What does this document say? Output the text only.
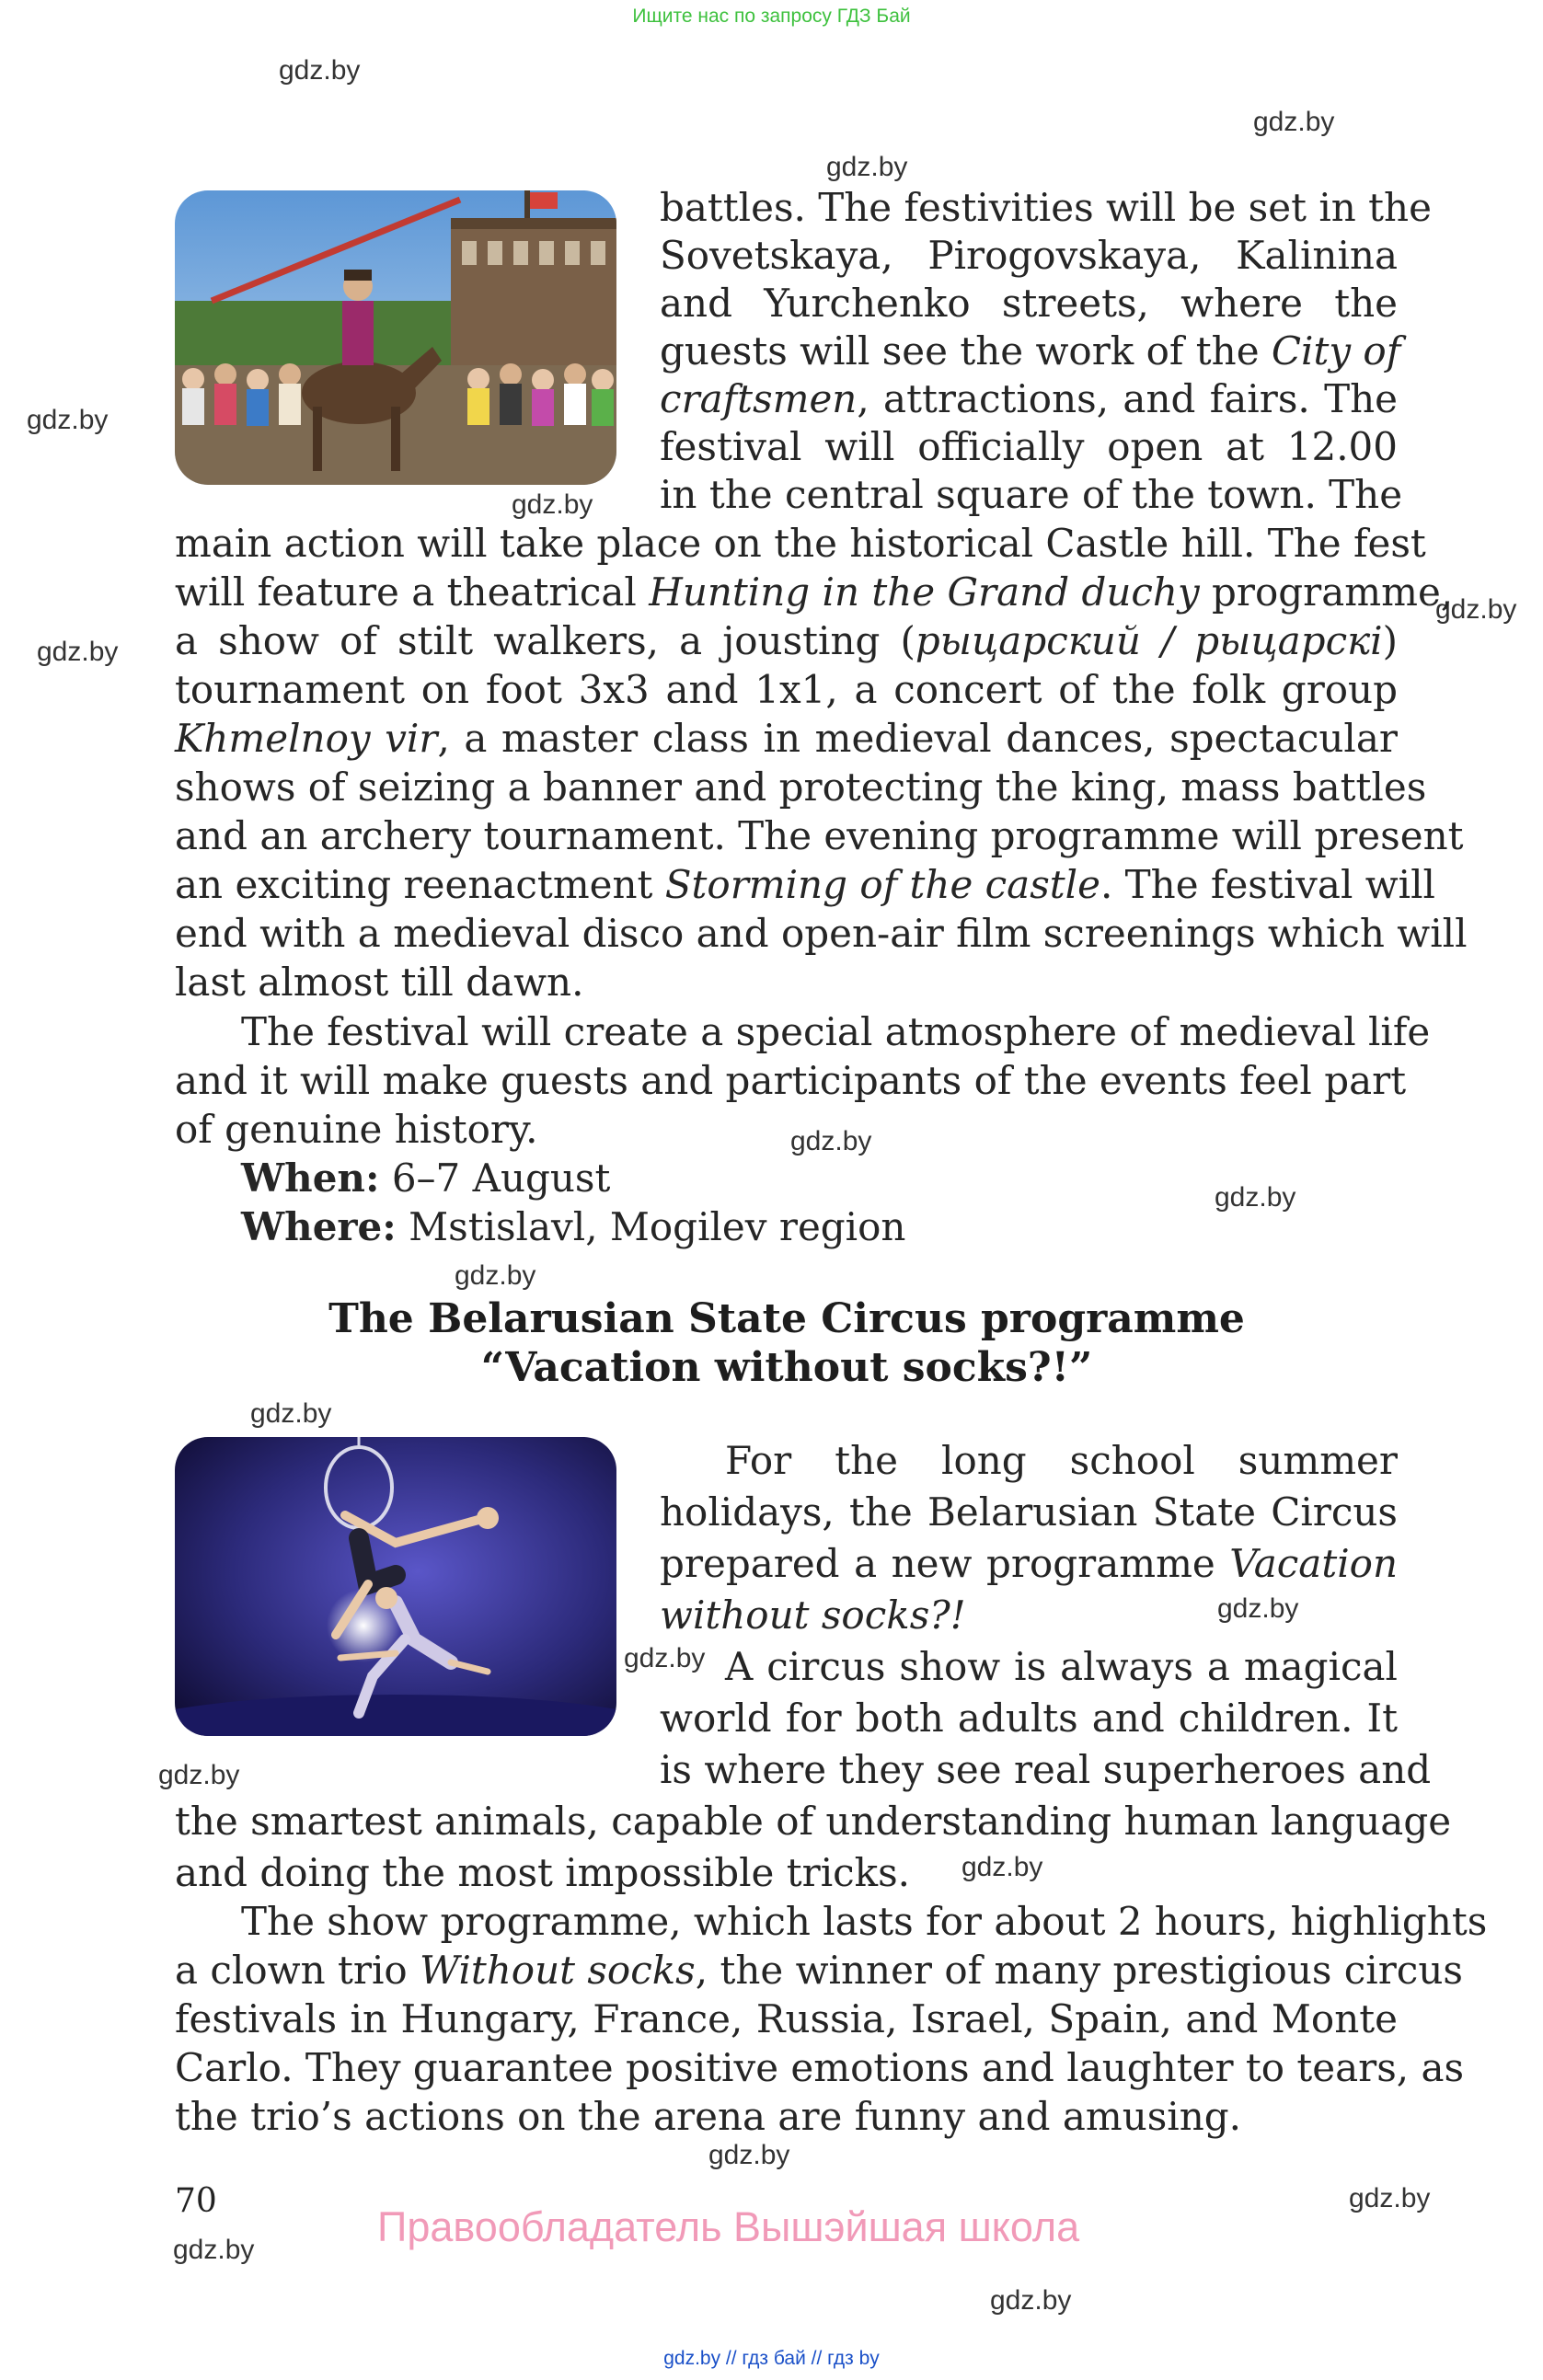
Ищите нас по запросу ГДЗ Бай
gdz.by
gdz.by
gdz.by
gdz.by
gdz.by
gdz.by
gdz.by
gdz.by
gdz.by
gdz.by
gdz.by
gdz.by
gdz.by
gdz.by
gdz.by
gdz.by
gdz.by
gdz.by
gdz.by
battles. The festivities will be set in the
Sovetskaya, Pirogovskaya, Kalinina
and Yurchenko streets, where the
guests will see the work of the City of
craftsmen, attractions, and fairs. The
festival will officially open at 12.00
in the central square of the town. The
main action will take place on the historical Castle hill. The fest
will feature a theatrical Hunting in the Grand duchy programme,
a show of stilt walkers, a jousting (рыцарский / рыцарскі)
tournament on foot 3x3 and 1x1, a concert of the folk group
Khmelnoy vir, a master class in medieval dances, spectacular
shows of seizing a banner and protecting the king, mass battles
and an archery tournament. The evening programme will present
an exciting reenactment Storming of the castle. The festival will
end with a medieval disco and open-air film screenings which will
last almost till dawn.
The festival will create a special atmosphere of medieval life
and it will make guests and participants of the events feel part
of genuine history.
When: 6–7 August
Where: Mstislavl, Mogilev region
The Belarusian State Circus programme
“Vacation without socks?!”
For the long school summer
holidays, the Belarusian State Circus
prepared a new programme Vacation
without socks?!
A circus show is always a magical
world for both adults and children. It
is where they see real superheroes and
the smartest animals, capable of understanding human language
and doing the most impossible tricks.
The show programme, which lasts for about 2 hours, highlights
a clown trio Without socks, the winner of many prestigious circus
festivals in Hungary, France, Russia, Israel, Spain, and Monte
Carlo. They guarantee positive emotions and laughter to tears, as
the trio’s actions on the arena are funny and amusing.
70
Правообладатель Вышэйшая школа
gdz.by // гдз бай // гдз by
